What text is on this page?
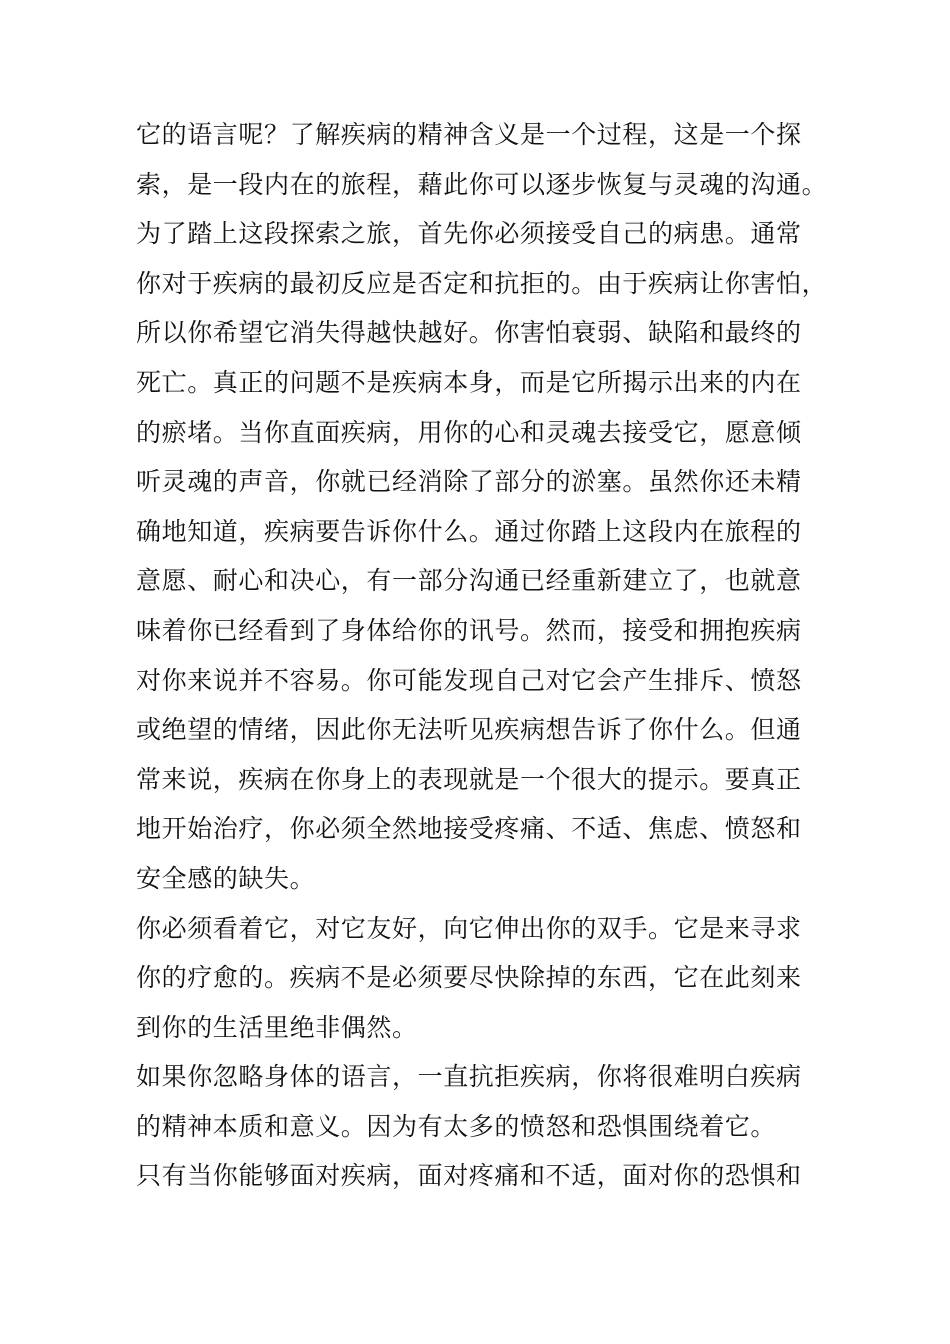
它的语言呢？了解疾病的精神含义是一个过程，这是一个探
索，是一段内在的旅程，藉此你可以逐步恢复与灵魂的沟通。
为了踏上这段探索之旅，首先你必须接受自己的病患。通常
你对于疾病的最初反应是否定和抗拒的。由于疾病让你害怕，
所以你希望它消失得越快越好。你害怕衰弱、缺陷和最终的
死亡。真正的问题不是疾病本身，而是它所揭示出来的内在
的瘀堵。当你直面疾病，用你的心和灵魂去接受它，愿意倾
听灵魂的声音，你就已经消除了部分的淤塞。虽然你还未精
确地知道，疾病要告诉你什么。通过你踏上这段内在旅程的
意愿、耐心和决心，有一部分沟通已经重新建立了，也就意
味着你已经看到了身体给你的讯号。然而，接受和拥抱疾病
对你来说并不容易。你可能发现自己对它会产生排斥、愤怒
或绝望的情绪，因此你无法听见疾病想告诉了你什么。但通
常来说，疾病在你身上的表现就是一个很大的提示。要真正
地开始治疗，你必须全然地接受疼痛、不适、焦虑、愤怒和
安全感的缺失。
你必须看着它，对它友好，向它伸出你的双手。它是来寻求
你的疗愈的。疾病不是必须要尽快除掉的东西，它在此刻来
到你的生活里绝非偶然。
如果你忽略身体的语言，一直抗拒疾病，你将很难明白疾病
的精神本质和意义。因为有太多的愤怒和恐惧围绕着它。
只有当你能够面对疾病，面对疼痛和不适，面对你的恐惧和
